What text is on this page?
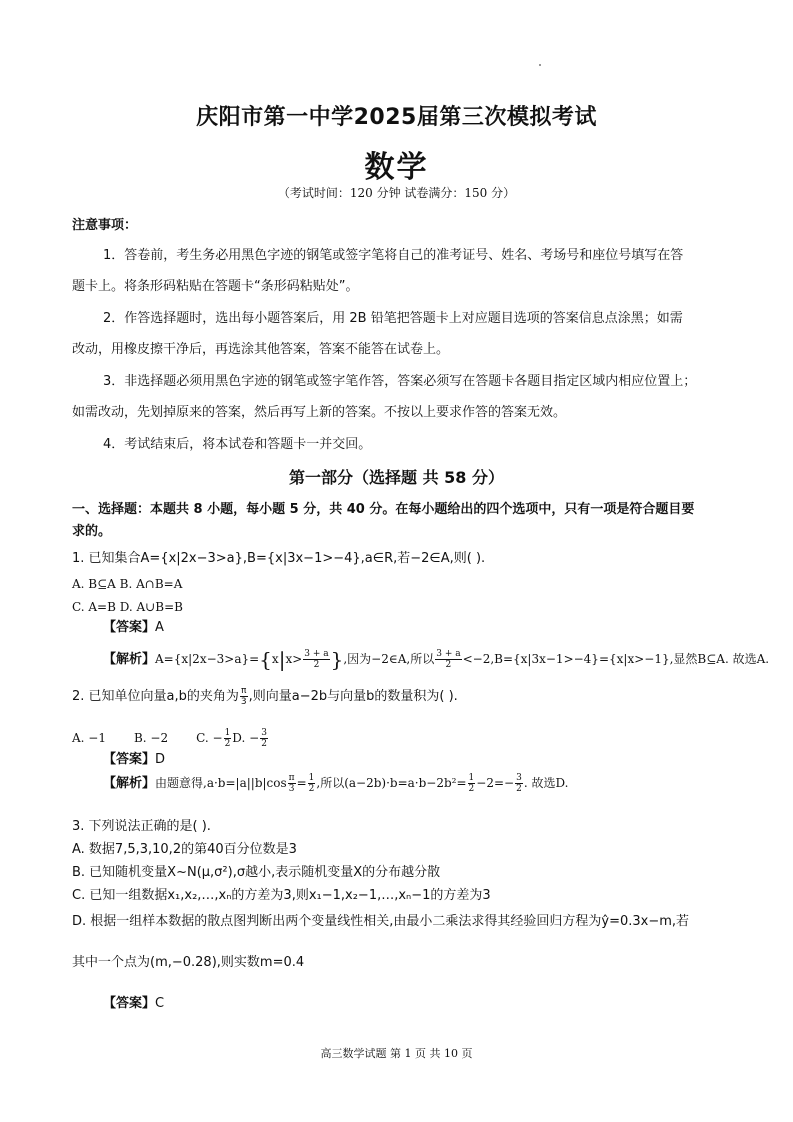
庆阳市第一中学2025届第三次模拟考试
数学
（考试时间：120 分钟 试卷满分：150 分）
注意事项：
1．答卷前，考生务必用黑色字迹的钢笔或签字笔将自己的准考证号、姓名、考场号和座位号填写在答
题卡上。将条形码粘贴在答题卡“条形码粘贴处”。
2．作答选择题时，选出每小题答案后，用 2B 铅笔把答题卡上对应题目选项的答案信息点涂黑；如需
改动，用橡皮擦干净后，再选涂其他答案，答案不能答在试卷上。
3．非选择题必须用黑色字迹的钢笔或签字笔作答，答案必须写在答题卡各题目指定区域内相应位置上；
如需改动，先划掉原来的答案，然后再写上新的答案。不按以上要求作答的答案无效。
4．考试结束后，将本试卷和答题卡一并交回。
第一部分（选择题 共 58 分）
一、选择题：本题共 8 小题，每小题 5 分，共 40 分。在每小题给出的四个选项中，只有一项是符合题目要
求的。
1. 已知集合A={x|2x−3>a},B={x|3x−1>−4},a∈R,若−2∈A,则( ).
A. B⊆A B. A∩B=A
C. A=B D. A∪B=B
【答案】A
【解析】$A=\{x|2x-3>a\}=\{x|x> \frac{3 + a}{2}$ },因为−2∈A,所以 $\frac{3 + a}{2} <-2,B=\{x|3x-1>-4\}=\{x|x>-1\}$,显然B⊆A. 故选A.
2. 已知单位向量a,b的夹角为 $\frac{\pi}{3}$ ,则向量a−2b与向量b的数量积为( ).
A. −1 B. −2 C. − $\frac{1}{2} D$. − $\frac{3}{2}$
【答案】D
【解析】由题意得$,a\cdot b=|a||b|\cos \frac{\pi}{3} = \frac{1}{2}$ ,所以$(a-2b)\cdot b=a\cdot b-2b^2= \frac{1}{2} -2=- \frac{3}{2}$ . 故选D.
3. 下列说法正确的是( ).
A. 数据7,5,3,10,2的第40百分位数是3
B. 已知随机变量X~N(μ,σ²),σ越小,表示随机变量X的分布越分散
C. 已知一组数据x₁,x₂,…,xₙ的方差为3,则x₁−1,x₂−1,…,xₙ−1的方差为3
D. 根据一组样本数据的散点图判断出两个变量线性相关,由最小二乘法求得其经验回归方程为ŷ=0.3x−m,若
其中一个点为(m,−0.28),则实数m=0.4
【答案】C
高三数学试题 第 1 页 共 10 页
